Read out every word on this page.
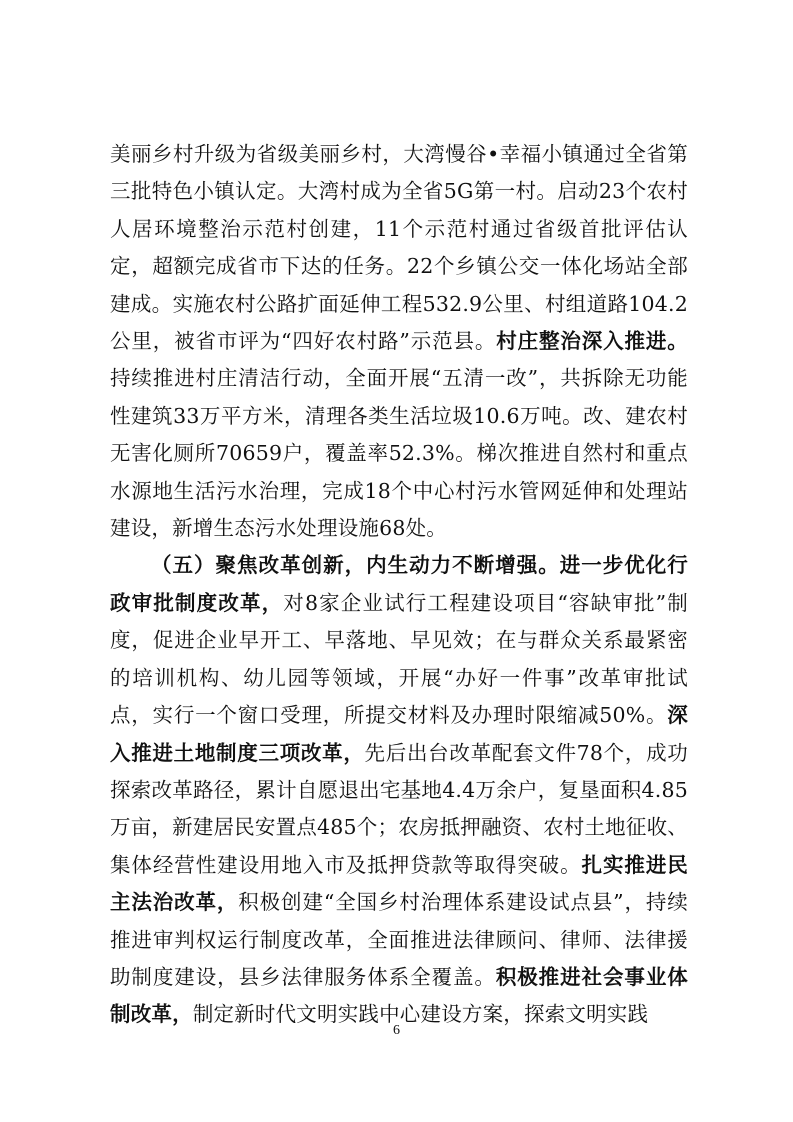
美丽乡村升级为省级美丽乡村，大湾慢谷•幸福小镇通过全省第三批特色小镇认定。大湾村成为全省5G第一村。启动23个农村人居环境整治示范村创建，11个示范村通过省级首批评估认定，超额完成省市下达的任务。22个乡镇公交一体化场站全部建成。实施农村公路扩面延伸工程532.9公里、村组道路104.2公里，被省市评为“四好农村路”示范县。村庄整治深入推进。持续推进村庄清洁行动，全面开展“五清一改”，共拆除无功能性建筑33万平方米，清理各类生活垃圾10.6万吨。改、建农村无害化厕所70659户，覆盖率52.3%。梯次推进自然村和重点水源地生活污水治理，完成18个中心村污水管网延伸和处理站建设，新增生态污水处理设施68处。

（五）聚焦改革创新，内生动力不断增强。进一步优化行政审批制度改革，对8家企业试行工程建设项目“容缺审批”制度，促进企业早开工、早落地、早见效；在与群众关系最紧密的培训机构、幼儿园等领域，开展“办好一件事”改革审批试点，实行一个窗口受理，所提交材料及办理时限缩减50%。深入推进土地制度三项改革，先后出台改革配套文件78个，成功探索改革路径，累计自愿退出宅基地4.4万余户，复垦面积4.85万亩，新建居民安置点485个；农房抵押融资、农村土地征收、集体经营性建设用地入市及抵押贷款等取得突破。扎实推进民主法治改革，积极创建“全国乡村治理体系建设试点县”，持续推进审判权运行制度改革，全面推进法律顾问、律师、法律援助制度建设，县乡法律服务体系全覆盖。积极推进社会事业体制改革，制定新时代文明实践中心建设方案，探索文明实践

6
